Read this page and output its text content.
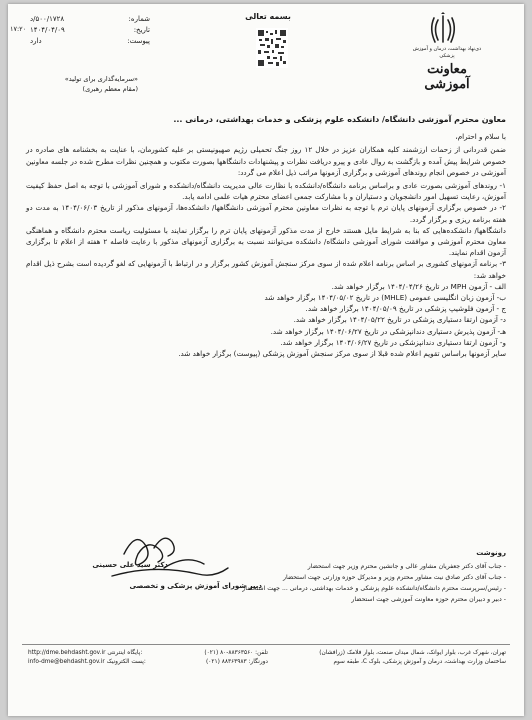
شماره:
۵۰۰/۱۷۲۸/د
تاریخ:
۱۴۰۴/۰۴/۰۹
پیوست:
دارد
۱۷:۲۰
«سرمایه‌گذاری برای تولید»
(مقام معظم رهبری)
بسمه تعالی
ذی‌نهاد بهداشت، درمان و آموزش پزشکی
معاونت آموزشی

معاون محترم آموزشی دانشگاه/ دانشکده علوم پزشکی و خدمات بهداشتی، درمانی ...

با سلام و احترام،

ضمن قدردانی از زحمات ارزشمند کلیه همکاران عزیز در خلال ۱۲ روز جنگ تحمیلی رژیم صهیونیستی بر علیه کشورمان، با عنایت به بخشنامه های صادره در خصوص شرایط پیش آمده و بازگشت به روال عادی و پیرو دریافت نظرات و پیشنهادات دانشگاهها بصورت مکتوب و همچنین نظرات مطرح شده در جلسه معاونین آموزشی در خصوص انجام روندهای آموزشی و برگزاری آزمونها مراتب ذیل اعلام می گردد:

۱- روندهای آموزشی بصورت عادی و براساس برنامه دانشگاه/دانشکده با نظارت عالی مدیریت دانشگاه/دانشکده و شورای آموزشی با توجه به اصل حفظ کیفیت آموزش، رعایت تسهیل امور دانشجویان و دستیاران و با مشارکت جمعی اعضای محترم هیات علمی ادامه یابد.

۲- در خصوص برگزاری آزمونهای پایان ترم با توجه به نظرات معاونین محترم آموزشی دانشگاهها/ دانشکده‌ها، آزمونهای مذکور از تاریخ ۱۴۰۴/۰۶/۰۳ به مدت دو هفته برنامه ریزی و برگزار گردد.

دانشگاهها/ دانشکده‌هایی که بنا به شرایط مایل هستند خارج از مدت مذکور آزمونهای پایان ترم را برگزار نمایند با مسئولیت ریاست محترم دانشگاه و هماهنگی معاون محترم آموزشی و موافقت شورای آموزشی دانشگاه/ دانشکده می‌توانند نسبت به برگزاری آزمونهای مذکور با رعایت فاصله ۲ هفته از اعلام تا برگزاری آزمون اقدام نمایند.

۳- برنامه آزمونهای کشوری بر اساس برنامه اعلام شده از سوی مرکز سنجش آموزش کشور برگزار و در ارتباط با آزمونهایی که لغو گردیده است بشرح ذیل اقدام خواهد شد:

الف - آزمون MPH در تاریخ ۱۴۰۴/۰۴/۲۶ برگزار خواهد شد.

ب- آزمون زبان انگلیسی عمومی (MHLE) در تاریخ ۱۴۰۴/۰۵/۰۲ برگزار خواهد شد

ج - آزمون فلوشیپ پزشکی در تاریخ ۱۴۰۴/۰۵/۰۹ برگزار خواهد شد.

د- آزمون ارتقا دستیاری پزشکی در تاریخ ۱۴۰۴/۰۵/۲۲ برگزار خواهد شد.

هـ- آزمون پذیرش دستیاری دندانپزشکی در تاریخ ۱۴۰۴/۰۶/۲۷ برگزار خواهد شد.

و- آزمون ارتقا دستیاری دندانپزشکی در تاریخ ۱۴۰۴/۰۶/۲۷ برگزار خواهد شد.

سایر آزمونها براساس تقویم اعلام شده قبلا از سوی مرکز سنجش آموزش پزشکی (پیوست) برگزار خواهد شد.

دکتر سید علی حسینی
دبیر شورای آموزش پزشکی و تخصصی
رونوشت
- جناب آقای دکتر جعفریان مشاور عالی و جانشین محترم وزیر جهت استحضار
- جناب آقای دکتر صادق نیت مشاور محترم وزیر و مدیرکل حوزه وزارتی جهت استحضار
- رئیس/سرپرست محترم دانشگاه/دانشکده علوم پزشکی و خدمات بهداشتی، درمانی ... جهت استحضار
- دبیر و دبیران محترم حوزه معاونت آموزشی جهت استحضار
تهران، شهرک غرب، بلوار ایوانک، شمال میدان صنعت، بلوار فلامک (زرافشان)
ساختمان وزارت بهداشت، درمان و آموزش پزشکی، بلوک C، طبقه سوم
تلفن: ۸۸۳۶۳۵۶۰-۸۰ (۰۲۱)
دورنگار: ۸۸۳۶۳۹۸۳ (۰۲۱)
http://dme.behdasht.gov.ir پایگاه اینترنتی:
info-dme@behdasht.gov.ir پست الکترونیک:
